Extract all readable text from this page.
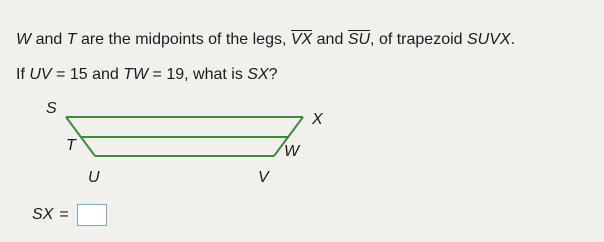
W and T are the midpoints of the legs, VX and SU, of trapezoid SUVX.
If UV = 15 and TW = 19, what is SX?
S
X
T	W
U	V
SX =
